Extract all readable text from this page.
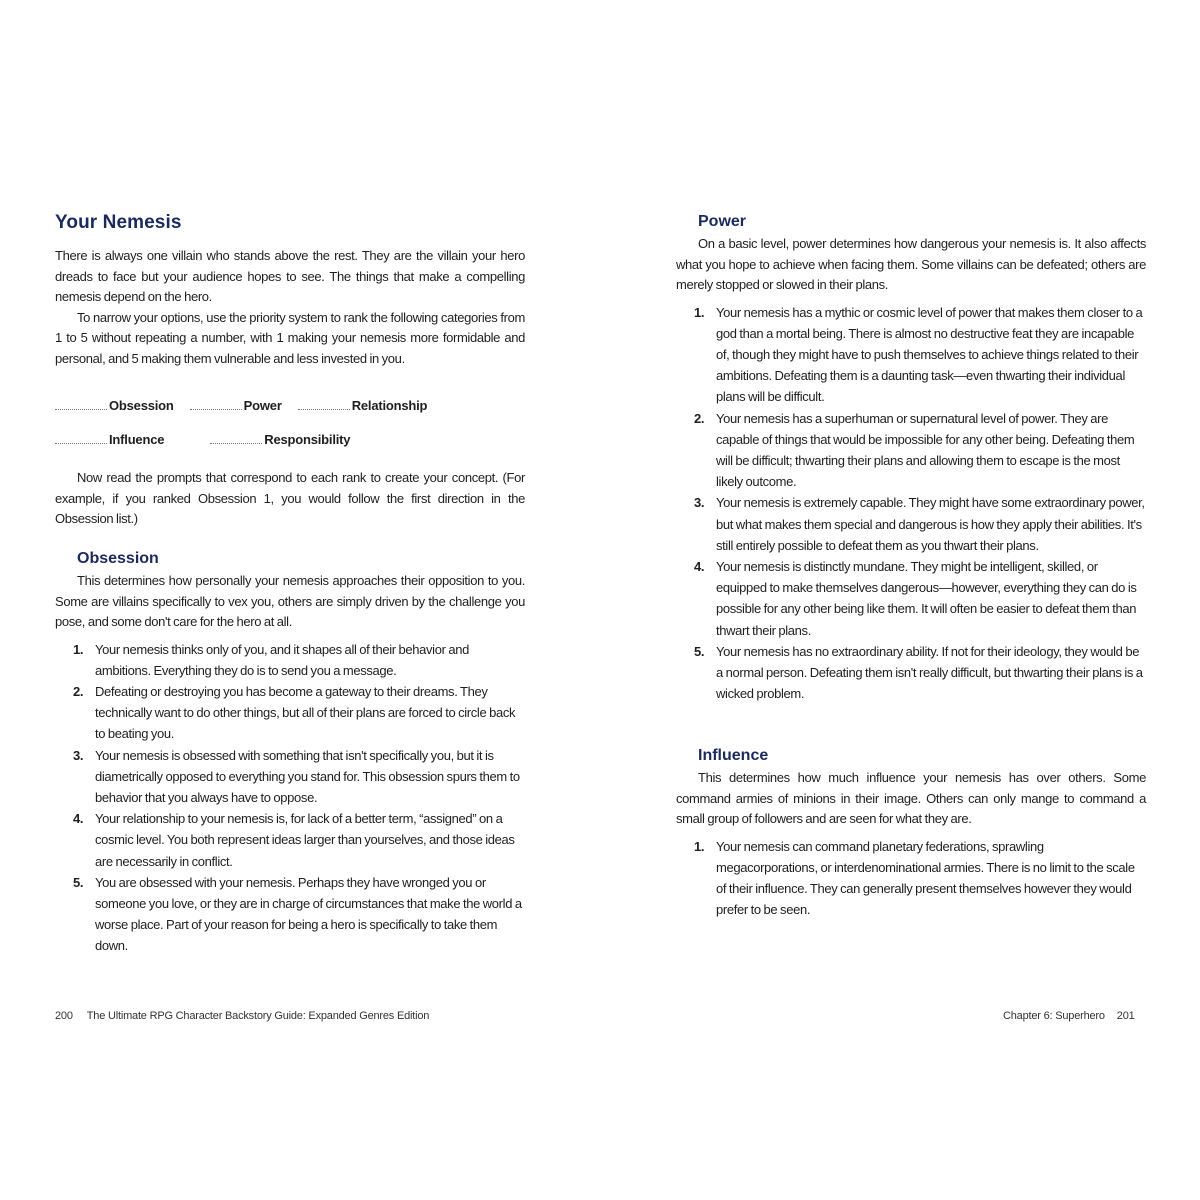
Your Nemesis

There is always one villain who stands above the rest. They are the villain your hero dreads to face but your audience hopes to see. The things that make a compelling nemesis depend on the hero.

To narrow your options, use the priority system to rank the following categories from 1 to 5 without repeating a number, with 1 making your nemesis more formidable and personal, and 5 making them vulnerable and less invested in you.

Obsession	Power	Relationship
Influence	Responsibility

Now read the prompts that correspond to each rank to create your concept. (For example, if you ranked Obsession 1, you would follow the first direction in the Obsession list.)

Obsession

This determines how personally your nemesis approaches their opposition to you. Some are villains specifically to vex you, others are simply driven by the challenge you pose, and some don't care for the hero at all.

1. Your nemesis thinks only of you, and it shapes all of their behavior and ambitions. Everything they do is to send you a message.
2. Defeating or destroying you has become a gateway to their dreams. They technically want to do other things, but all of their plans are forced to circle back to beating you.
3. Your nemesis is obsessed with something that isn't specifically you, but it is diametrically opposed to everything you stand for. This obsession spurs them to behavior that you always have to oppose.
4. Your relationship to your nemesis is, for lack of a better term, “assigned” on a cosmic level. You both represent ideas larger than yourselves, and those ideas are necessarily in conflict.
5. You are obsessed with your nemesis. Perhaps they have wronged you or someone you love, or they are in charge of circumstances that make the world a worse place. Part of your reason for being a hero is specifically to take them down.
200 The Ultimate RPG Character Backstory Guide: Expanded Genres Edition
Power

On a basic level, power determines how dangerous your nemesis is. It also affects what you hope to achieve when facing them. Some villains can be defeated; others are merely stopped or slowed in their plans.

1. Your nemesis has a mythic or cosmic level of power that makes them closer to a god than a mortal being. There is almost no destructive feat they are incapable of, though they might have to push themselves to achieve things related to their ambitions. Defeating them is a daunting task—even thwarting their individual plans will be difficult.
2. Your nemesis has a superhuman or supernatural level of power. They are capable of things that would be impossible for any other being. Defeating them will be difficult; thwarting their plans and allowing them to escape is the most likely outcome.
3. Your nemesis is extremely capable. They might have some extraordinary power, but what makes them special and dangerous is how they apply their abilities. It's still entirely possible to defeat them as you thwart their plans.
4. Your nemesis is distinctly mundane. They might be intelligent, skilled, or equipped to make themselves dangerous—however, everything they can do is possible for any other being like them. It will often be easier to defeat them than thwart their plans.
5. Your nemesis has no extraordinary ability. If not for their ideology, they would be a normal person. Defeating them isn't really difficult, but thwarting their plans is a wicked problem.
Influence

This determines how much influence your nemesis has over others. Some command armies of minions in their image. Others can only mange to command a small group of followers and are seen for what they are.

1. Your nemesis can command planetary federations, sprawling megacorporations, or interdenominational armies. There is no limit to the scale of their influence. They can generally present themselves however they would prefer to be seen.
Chapter 6: Superhero 201
